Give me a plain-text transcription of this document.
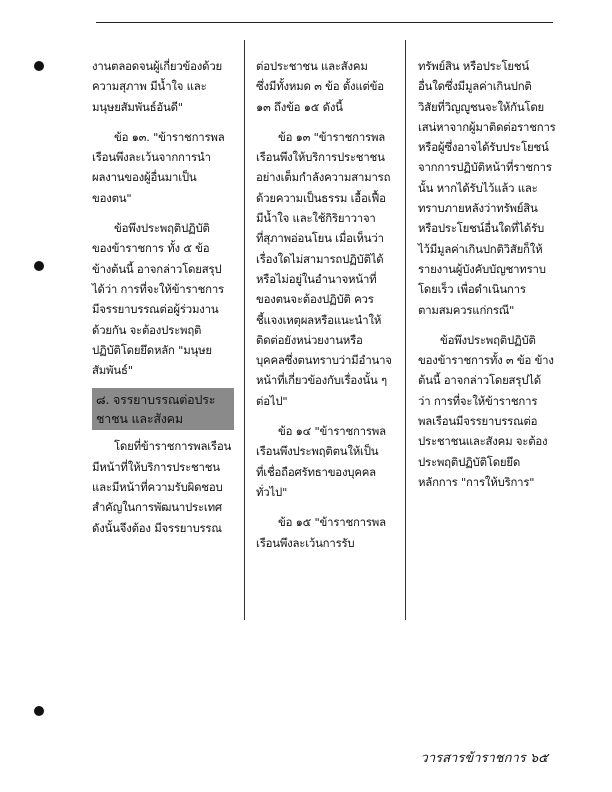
งานตลอดจนผู้เกี่ยวข้องด้วย

ความสุภาพ มีน้ำใจ และ

มนุษยสัมพันธ์อันดี"

ข้อ ๑๓. "ข้าราชการพล

เรือนพึงละเว้นจากการนำ

ผลงานของผู้อื่นมาเป็น

ของตน"

ข้อพึงประพฤติปฏิบัติ

ของข้าราชการ ทั้ง ๕ ข้อ

ข้างต้นนี้ อาจกล่าวโดยสรุป

ได้ว่า การที่จะให้ข้าราชการ

มีจรรยาบรรณต่อผู้ร่วมงาน

ด้วยกัน จะต้องประพฤติ

ปฏิบัติโดยยึดหลัก "มนุษย

สัมพันธ์"

๘. จรรยาบรรณต่อประ
ชาชน และสังคม

โดยที่ข้าราชการพลเรือน

มีหน้าที่ให้บริการประชาชน

และมีหน้าที่ความรับผิดชอบ

สำคัญในการพัฒนาประเทศ

ดังนั้นจึงต้อง มีจรรยาบรรณ

ต่อประชาชน และสังคม

ซึ่งมีทั้งหมด ๓ ข้อ ตั้งแต่ข้อ

๑๓ ถึงข้อ ๑๕ ดังนี้

ข้อ ๑๓ "ข้าราชการพล

เรือนพึงให้บริการประชาชน

อย่างเต็มกำลังความสามารถ

ด้วยความเป็นธรรม เอื้อเฟื้อ

มีน้ำใจ และใช้กิริยาวาจา

ที่สุภาพอ่อนโยน เมื่อเห็นว่า

เรื่องใดไม่สามารถปฏิบัติได้

หรือไม่อยู่ในอำนาจหน้าที่

ของตนจะต้องปฏิบัติ ควร

ชี้แจงเหตุผลหรือแนะนำให้

ติดต่อยังหน่วยงานหรือ

บุคคลซึ่งตนทราบว่ามีอำนาจ

หน้าที่เกี่ยวข้องกับเรื่องนั้น ๆ

ต่อไป"

ข้อ ๑๔ "ข้าราชการพล

เรือนพึงประพฤติตนให้เป็น

ที่เชื่อถือศรัทธาของบุคคล

ทั่วไป"

ข้อ ๑๕ "ข้าราชการพล

เรือนพึงละเว้นการรับ

ทรัพย์สิน หรือประโยชน์

อื่นใดซึ่งมีมูลค่าเกินปกติ

วิสัยที่วิญญูชนจะให้กันโดย

เสน่หาจากผู้มาติดต่อราชการ

หรือผู้ซึ่งอาจได้รับประโยชน์

จากการปฏิบัติหน้าที่ราชการ

นั้น หากได้รับไว้แล้ว และ

ทราบภายหลังว่าทรัพย์สิน

หรือประโยชน์อื่นใดที่ได้รับ

ไว้มีมูลค่าเกินปกติวิสัยก็ให้

รายงานผู้บังคับบัญชาทราบ

โดยเร็ว เพื่อดำเนินการ

ตามสมควรแก่กรณี"

ข้อพึงประพฤติปฏิบัติ

ของข้าราชการทั้ง ๓ ข้อ ข้าง

ต้นนี้ อาจกล่าวโดยสรุปได้

ว่า การที่จะให้ข้าราชการ

พลเรือนมีจรรยาบรรณต่อ

ประชาชนและสังคม จะต้อง

ประพฤติปฏิบัติโดยยึด

หลักการ "การให้บริการ"

วารสารข้าราชการ ๖๕
